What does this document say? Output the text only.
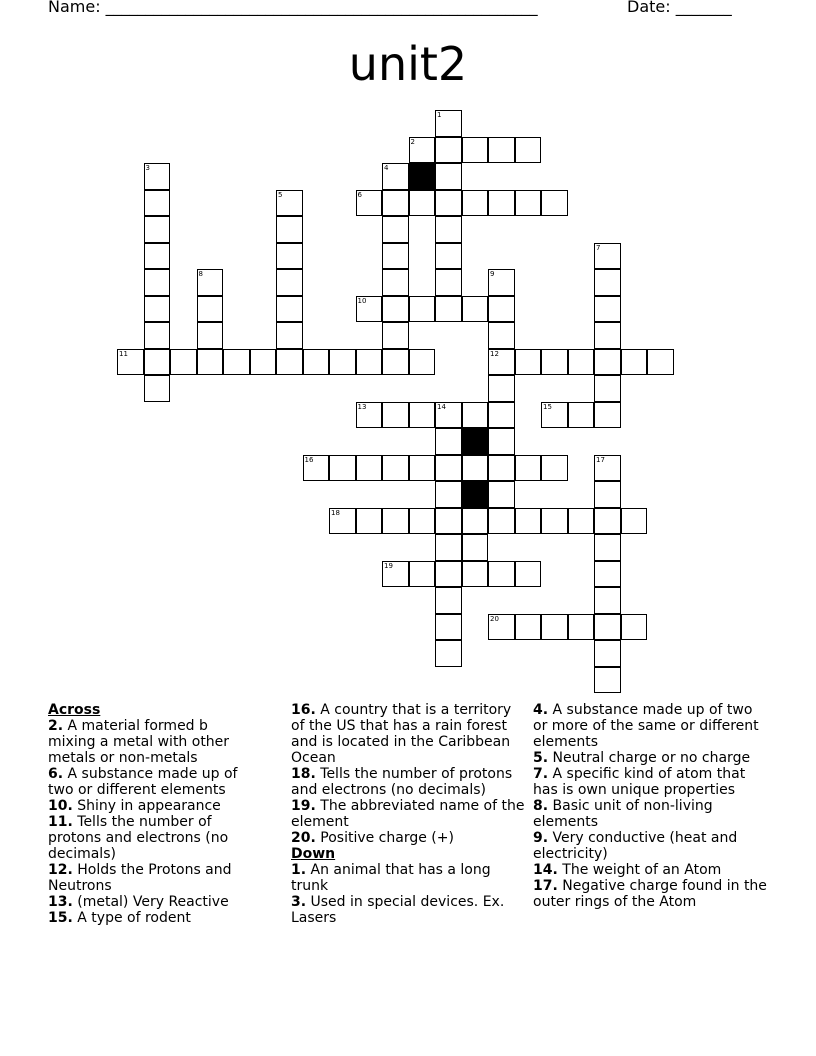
Name: ______________________________________________________	Date: _______
unit2
1
2
3	4
5	6
7
8	9
10
11	12
13	14	15
16	17
18
19
20
Across
2. A material formed b mixing a metal with other metals or non-metals
6. A substance made up of two or different elements
10. Shiny in appearance
11. Tells the number of protons and electrons (no decimals)
12. Holds the Protons and Neutrons
13. (metal) Very Reactive
15. A type of rodent
16. A country that is a territory of the US that has a rain forest and is located in the Caribbean Ocean
18. Tells the number of protons and electrons (no decimals)
19. The abbreviated name of the element
20. Positive charge (+)
Down
1. An animal that has a long trunk
3. Used in special devices. Ex. Lasers
4. A substance made up of two or more of the same or different elements
5. Neutral charge or no charge
7. A specific kind of atom that has is own unique properties
8. Basic unit of non-living elements
9. Very conductive (heat and electricity)
14. The weight of an Atom
17. Negative charge found in the outer rings of the Atom
